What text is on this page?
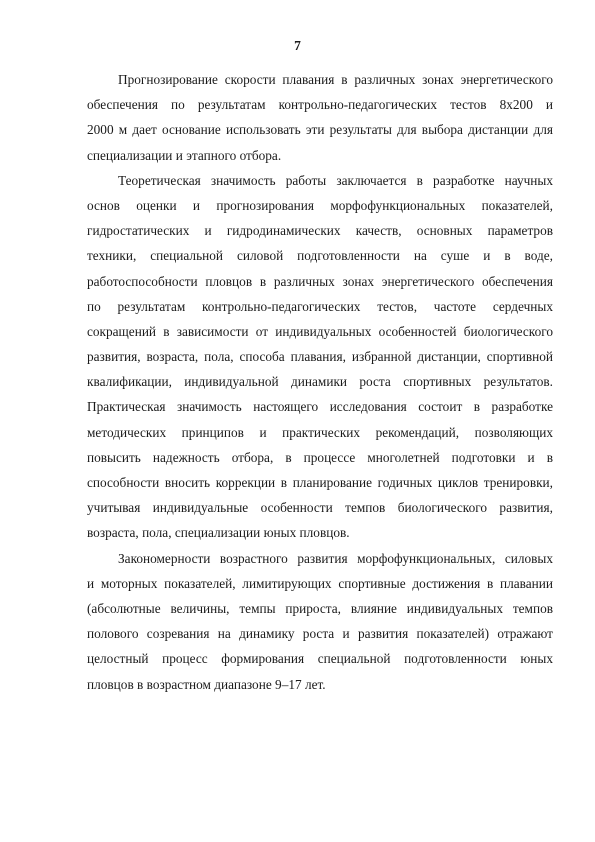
7

Прогнозирование скорости плавания в различных зонах энергетического
обеспечения по результатам контрольно-педагогических тестов 8x200 и
2000 м дает основание использовать эти результаты для выбора дистанции для
специализации и этапного отбора.

Теоретическая значимость работы заключается в разработке научных
основ оценки и прогнозирования морфофункциональных показателей,
гидростатических и гидродинамических качеств, основных параметров
техники, специальной силовой подготовленности на суше и в воде,
работоспособности пловцов в различных зонах энергетического обеспечения
по результатам контрольно-педагогических тестов, частоте сердечных
сокращений в зависимости от индивидуальных особенностей биологического
развития, возраста, пола, способа плавания, избранной дистанции, спортивной
квалификации, индивидуальной динамики роста спортивных результатов.
Практическая значимость настоящего исследования состоит в разработке
методических принципов и практических рекомендаций, позволяющих
повысить надежность отбора, в процессе многолетней подготовки и в
способности вносить коррекции в планирование годичных циклов тренировки,
учитывая индивидуальные особенности темпов биологического развития,
возраста, пола, специализации юных пловцов.

Закономерности возрастного развития морфофункциональных, силовых
и моторных показателей, лимитирующих спортивные достижения в плавании
(абсолютные величины, темпы прироста, влияние индивидуальных темпов
полового созревания на динамику роста и развития показателей) отражают
целостный процесс формирования специальной подготовленности юных
пловцов в возрастном диапазоне 9–17 лет.
